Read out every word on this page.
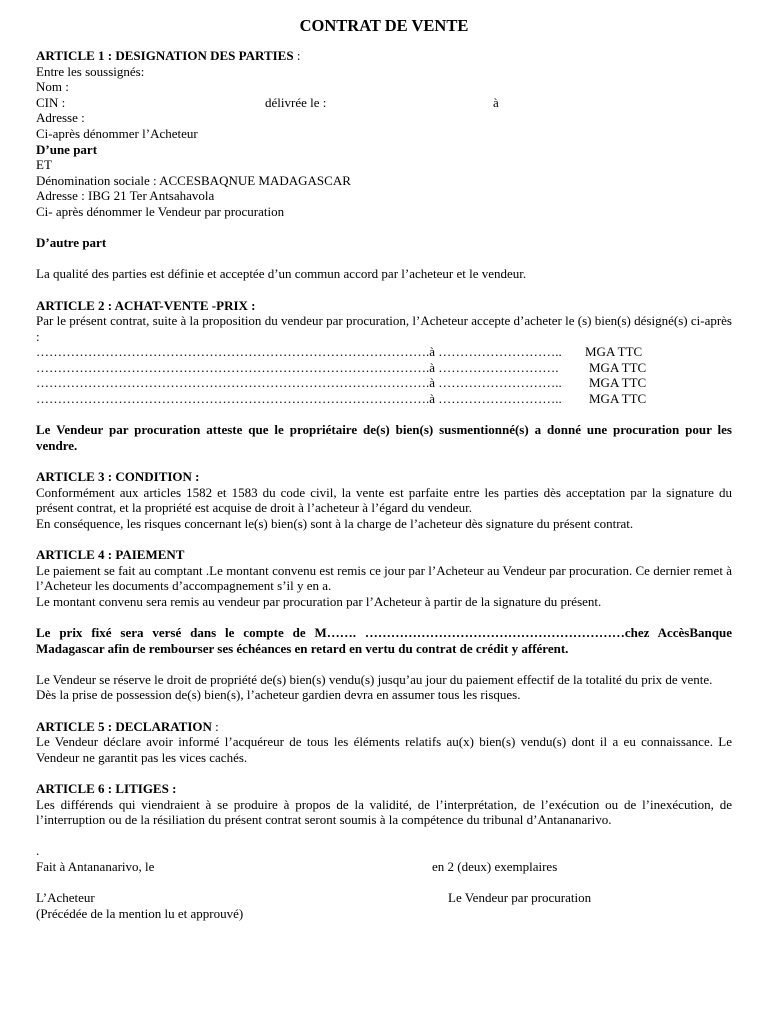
CONTRAT DE VENTE
ARTICLE 1 : DESIGNATION DES PARTIES :
Entre les soussignés:
Nom :
CIN :	délivrée le :	à
Adresse :
Ci-après dénommer l’Acheteur
D’une part
ET
Dénomination sociale : ACCESBAQNUE MADAGASCAR
Adresse : IBG 21 Ter Antsahavola
Ci- après dénommer le Vendeur par procuration
D’autre part
La qualité des parties est définie et acceptée d’un commun accord par l’acheteur et le vendeur.
ARTICLE 2 : ACHAT-VENTE -PRIX :
Par le présent contrat, suite à la proposition du vendeur par procuration, l’Acheteur accepte d’acheter le (s) bien(s) désigné(s) ci-après :
……………………………………………………………………………….à ……………………….. MGA TTC
……………………………………………………………………………….à ………………………. MGA TTC
……………………………………………………………………………….à ……………………….. MGA TTC
……………………………………………………………………………….à ……………………….. MGA TTC
Le Vendeur par procuration atteste que le propriétaire de(s) bien(s) susmentionné(s) a donné une procuration pour les vendre.
ARTICLE 3 : CONDITION :
Conformément aux articles 1582 et 1583 du code civil, la vente est parfaite entre les parties dès acceptation par la signature du présent contrat, et la propriété est acquise de droit à l’acheteur à l’égard du vendeur.
En conséquence, les risques concernant le(s) bien(s) sont à la charge de l’acheteur dès signature du présent contrat.
ARTICLE 4 : PAIEMENT
Le paiement se fait au comptant .Le montant convenu est remis ce jour par l’Acheteur au Vendeur par procuration. Ce dernier remet à l’Acheteur les documents d’accompagnement s’il y en a.
Le montant convenu sera remis au vendeur par procuration par l’Acheteur à partir de la signature du présent.
Le prix fixé sera versé dans le compte de M……. ……………………………………………………chez AccèsBanque Madagascar afin de rembourser ses échéances en retard en vertu du contrat de crédit y afférent.
Le Vendeur se réserve le droit de propriété de(s) bien(s) vendu(s) jusqu’au jour du paiement effectif de la totalité du prix de vente.
Dès la prise de possession de(s) bien(s), l’acheteur gardien devra en assumer tous les risques.
ARTICLE 5 : DECLARATION :
Le Vendeur déclare avoir informé l’acquéreur de tous les éléments relatifs au(x) bien(s) vendu(s) dont il a eu connaissance. Le Vendeur ne garantit pas les vices cachés.
ARTICLE 6 : LITIGES :
Les différends qui viendraient à se produire à propos de la validité, de l’interprétation, de l’exécution ou de l’inexécution, de l’interruption ou de la résiliation du présent contrat seront soumis à la compétence du tribunal d’Antananarivo.
.
Fait à Antananarivo, le	en 2 (deux) exemplaires
L’Acheteur	Le Vendeur par procuration
(Précédée de la mention lu et approuvé)
